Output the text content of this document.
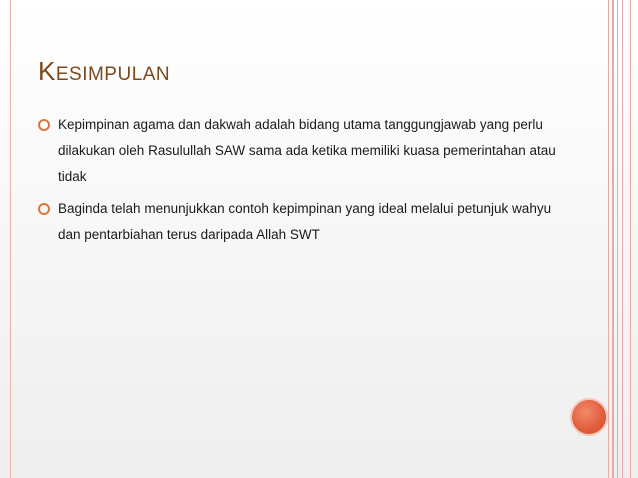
KESIMPULAN
Kepimpinan agama dan dakwah adalah bidang utama tanggungjawab yang perlu dilakukan oleh Rasulullah SAW sama ada ketika memiliki kuasa pemerintahan atau tidak
Baginda telah menunjukkan contoh kepimpinan yang ideal melalui petunjuk wahyu dan pentarbiahan terus daripada Allah SWT
